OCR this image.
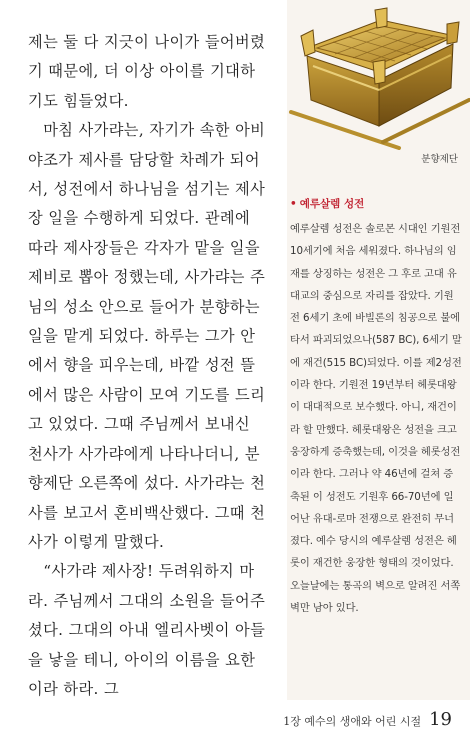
제는 둘 다 지긋이 나이가 들어버렸기 때문에, 더 이상 아이를 기대하기도 힘들었다.

마침 사가랴는, 자기가 속한 아비야조가 제사를 담당할 차례가 되어서, 성전에서 하나님을 섬기는 제사장 일을 수행하게 되었다. 관례에 따라 제사장들은 각자가 맡을 일을 제비로 뽑아 정했는데, 사가랴는 주님의 성소 안으로 들어가 분향하는 일을 맡게 되었다. 하루는 그가 안에서 향을 피우는데, 바깥 성전 뜰에서 많은 사람이 모여 기도를 드리고 있었다. 그때 주님께서 보내신 천사가 사가랴에게 나타나더니, 분향제단 오른쪽에 섰다. 사가랴는 천사를 보고서 혼비백산했다. 그때 천사가 이렇게 말했다.

“사가랴 제사장! 두려워하지 마라. 주님께서 그대의 소원을 들어주셨다. 그대의 아내 엘리사벳이 아들을 낳을 테니, 아이의 이름을 요한이라 하라. 그

분향제단
• 예루살렘 성전

예루살렘 성전은 솔로몬 시대인 기원전 10세기에 처음 세워졌다. 하나님의 임재를 상징하는 성전은 그 후로 고대 유대교의 중심으로 자리를 잡았다. 기원전 6세기 초에 바빌론의 침공으로 불에 타서 파괴되었으나(587 BC), 6세기 말에 재건(515 BC)되었다. 이를 제2성전이라 한다. 기원전 19년부터 헤롯대왕이 대대적으로 보수했다. 아니, 재건이라 할 만했다. 헤롯대왕은 성전을 크고 웅장하게 증축했는데, 이것을 헤롯성전이라 한다. 그러나 약 46년에 걸쳐 증축된 이 성전도 기원후 66-70년에 일어난 유대-로마 전쟁으로 완전히 무너졌다. 예수 당시의 예루살렘 성전은 헤롯이 재건한 웅장한 형태의 것이었다. 오늘날에는 통곡의 벽으로 알려진 서쪽 벽만 남아 있다.

1장 예수의 생애와 어린 시절 19
